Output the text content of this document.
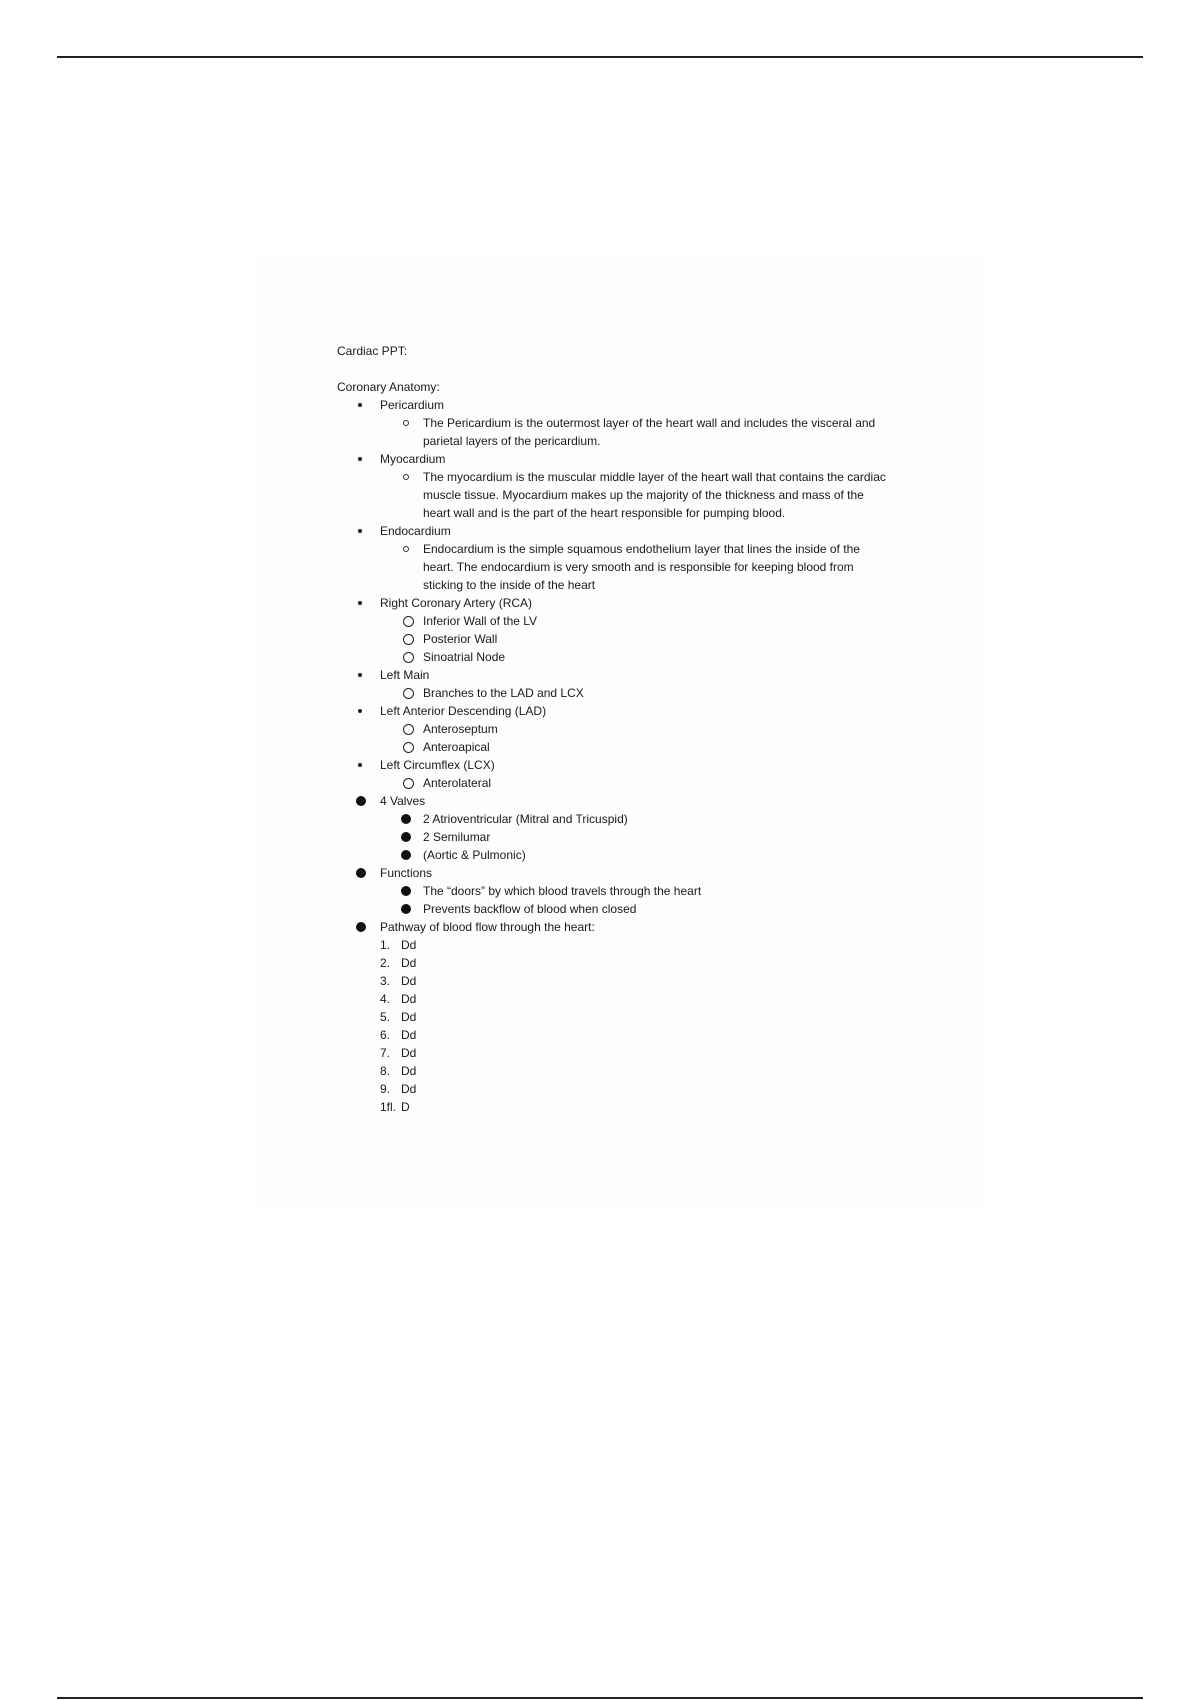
Cardiac PPT:
Coronary Anatomy:
Pericardium
The Pericardium is the outermost layer of the heart wall and includes the visceral and parietal layers of the pericardium.
Myocardium
The myocardium is the muscular middle layer of the heart wall that contains the cardiac muscle tissue. Myocardium makes up the majority of the thickness and mass of the heart wall and is the part of the heart responsible for pumping blood.
Endocardium
Endocardium is the simple squamous endothelium layer that lines the inside of the heart. The endocardium is very smooth and is responsible for keeping blood from sticking to the inside of the heart
Right Coronary Artery (RCA)
Inferior Wall of the LV
Posterior Wall
Sinoatrial Node
Left Main
Branches to the LAD and LCX
Left Anterior Descending (LAD)
Anteroseptum
Anteroapical
Left Circumflex (LCX)
Anterolateral
4 Valves
2 Atrioventricular (Mitral and Tricuspid)
2 Semilumar
(Aortic & Pulmonic)
Functions
The “doors” by which blood travels through the heart
Prevents backflow of blood when closed
Pathway of blood flow through the heart:
1. Dd
2. Dd
3. Dd
4. Dd
5. Dd
6. Dd
7. Dd
8. Dd
9. Dd
1fl. D
